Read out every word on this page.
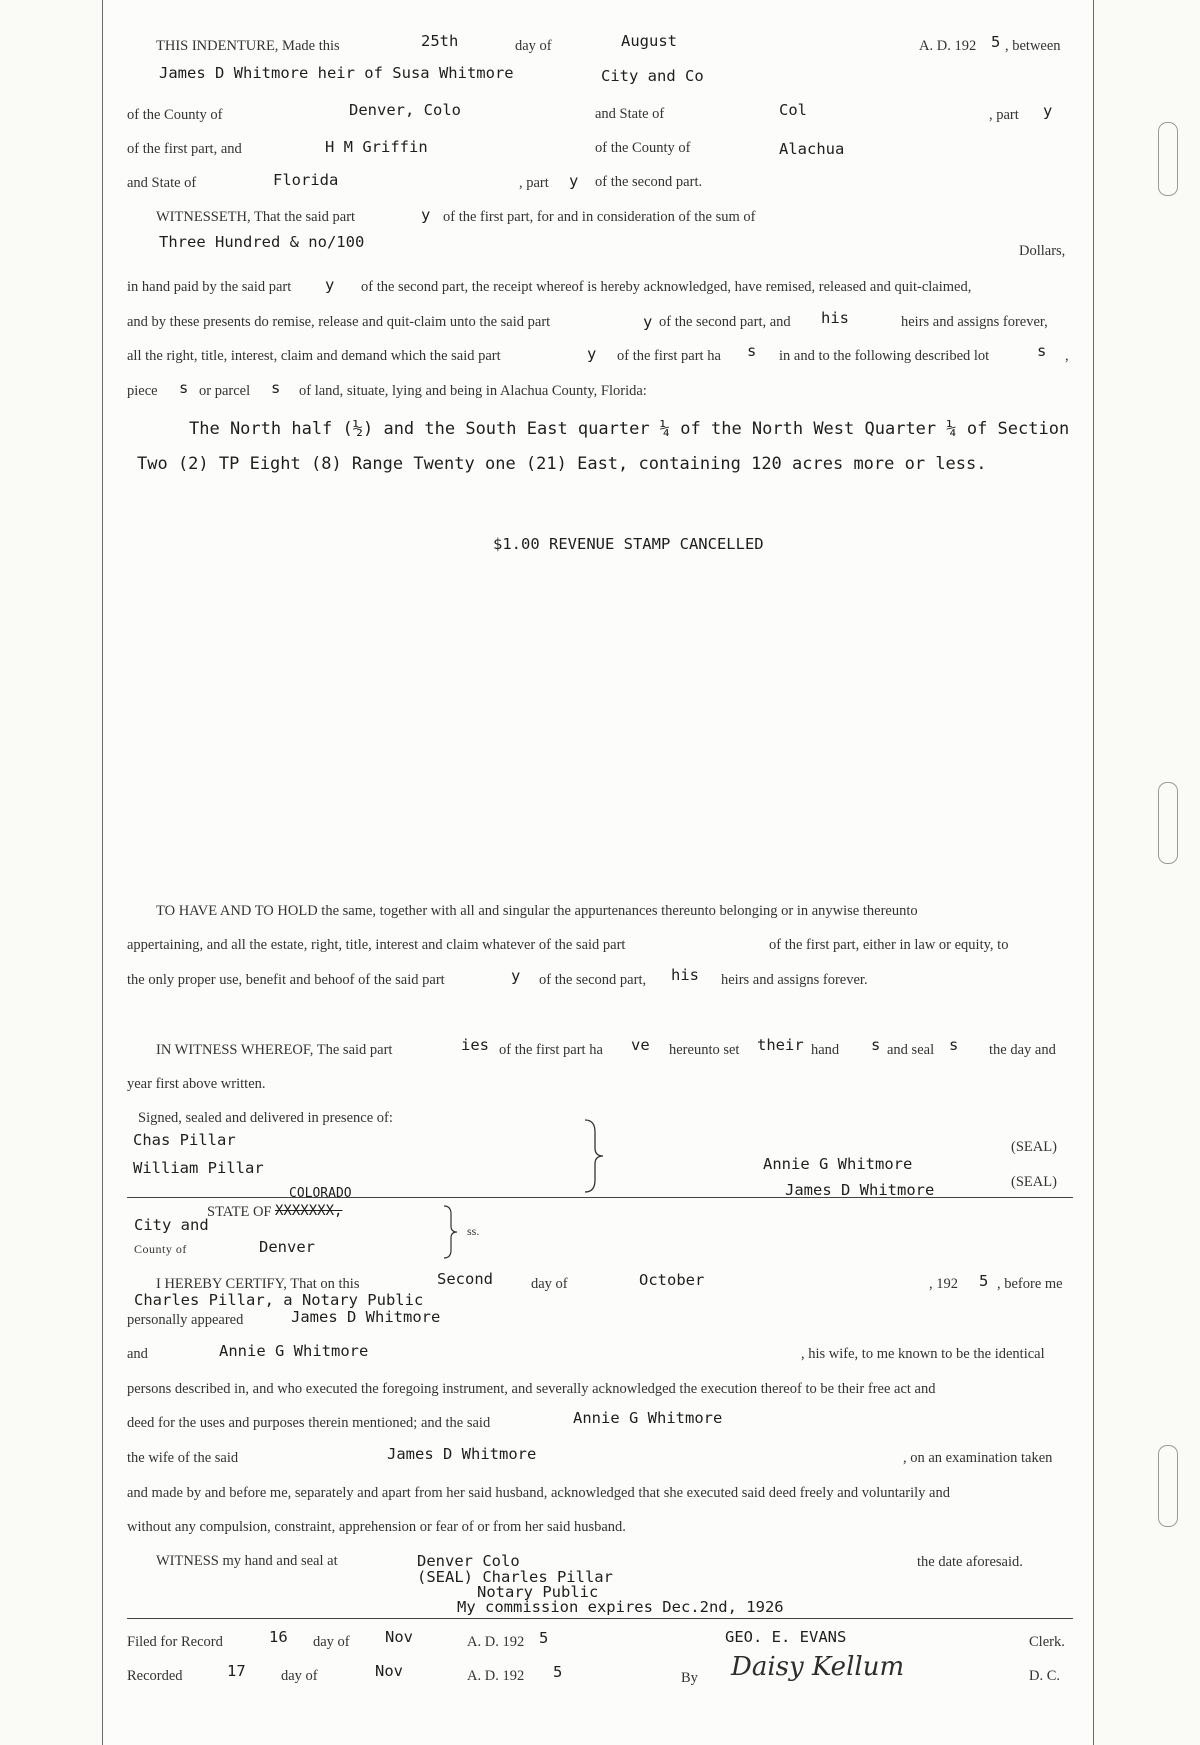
THIS INDENTURE, Made this	25th	day of	August	A. D. 192 5 , between
James D Whitmore heir of Susa Whitmore	City and Co
of the County of	Denver, Colo	and State of	Col	, part y
of the first part, and	H M Griffin	of the County of	Alachua
and State of	Florida	, part y of the second part.
WITNESSETH, That the said part	y of the first part, for and in consideration of the sum of
Three Hundred & no/100	Dollars,
in hand paid by the said part y of the second part, the receipt whereof is hereby acknowledged, have remised, released and quit-claimed,
and by these presents do remise, release and quit-claim unto the said part	y of the second part, and his	heirs and assigns forever,
all the right, title, interest, claim and demand which the said part	y of the first part ha s in and to the following described lot	s ,
piece s or parcel s of land, situate, lying and being in Alachua County, Florida:
The North half (½) and the South East quarter ¼ of the North West Quarter ¼ of Section
Two (2) TP Eight (8) Range Twenty one (21) East, containing 120 acres more or less.
$1.00 REVENUE STAMP CANCELLED
TO HAVE AND TO HOLD the same, together with all and singular the appurtenances thereunto belonging or in anywise thereunto
appertaining, and all the estate, right, title, interest and claim whatever of the said part	of the first part, either in law or equity, to
the only proper use, benefit and behoof of the said part	y of the second part, his heirs and assigns forever.
IN WITNESS WHEREOF, The said part	ies of the first part ha ve hereunto set their hand s and seal s the day and
year first above written.
Signed, sealed and delivered in presence of:
Chas Pillar
William Pillar	Annie G Whitmore
James D Whitmore
(SEAL)
(SEAL)
COLORADO
STATE OF XXXXXXX,
City and
County of	Denver
ss.
I HEREBY CERTIFY, That on this	Second	day of	October	, 192 5 , before me
Charles Pillar, a Notary Public
personally appeared	James D Whitmore
and	Annie G Whitmore	, his wife, to me known to be the identical
persons described in, and who executed the foregoing instrument, and severally acknowledged the execution thereof to be their free act and
deed for the uses and purposes therein mentioned; and the said	Annie G Whitmore
the wife of the said	James D Whitmore	, on an examination taken
and made by and before me, separately and apart from her said husband, acknowledged that she executed said deed freely and voluntarily and
without any compulsion, constraint, apprehension or fear of or from her said husband.
WITNESS my hand and seal at	Denver Colo	the date aforesaid.
(SEAL) Charles Pillar
Notary Public
My commission expires Dec.2nd, 1926
Filed for Record	16 day of Nov	A. D. 192 5	GEO. E. EVANS	Clerk.
Recorded	17 day of	Nov	A. D. 192 5	By Daisy Kellum	D. C.
